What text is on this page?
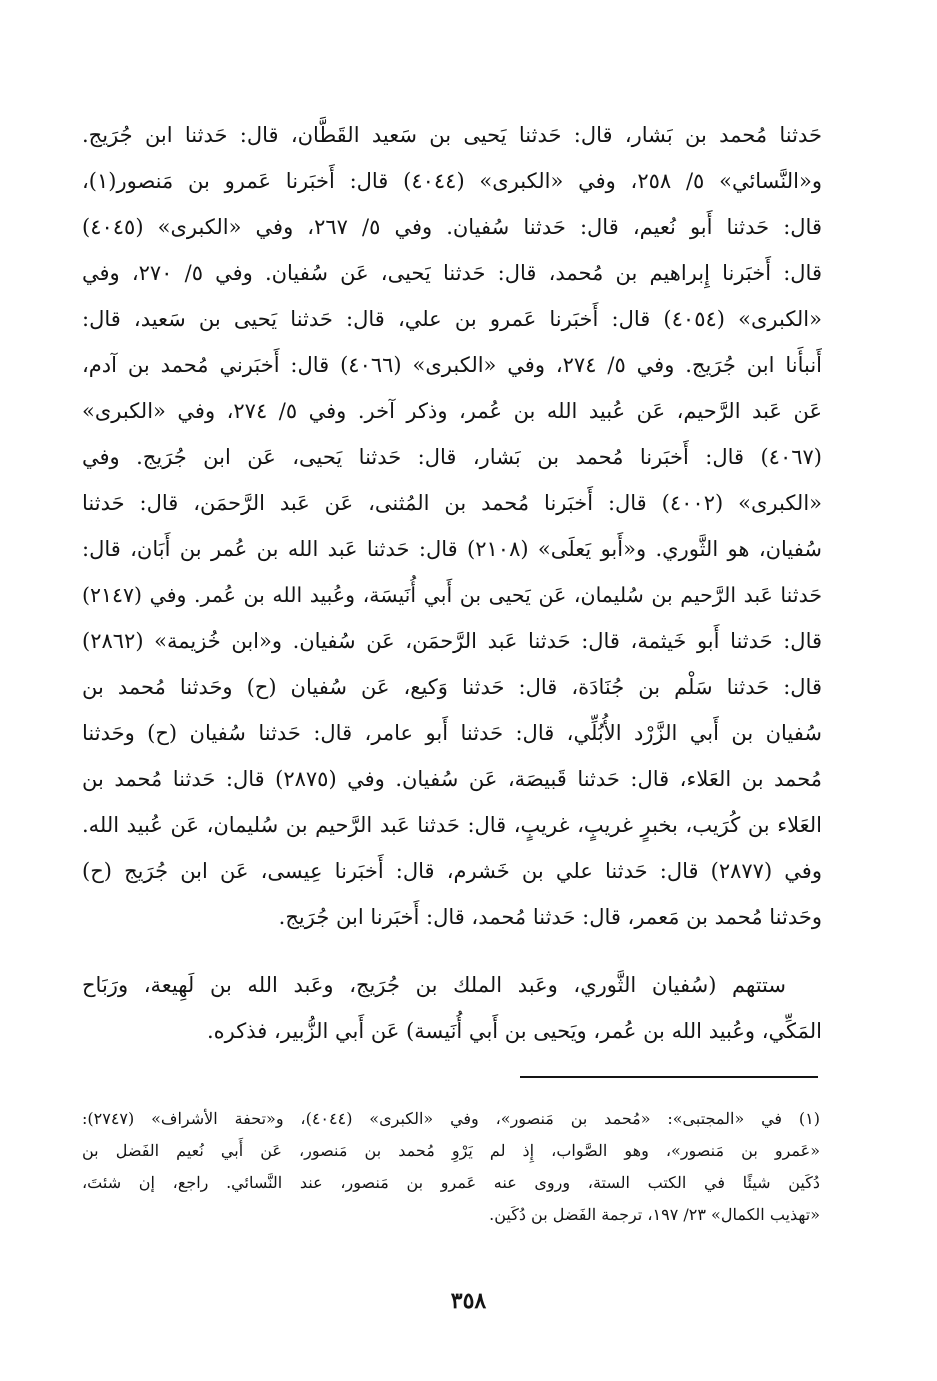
حَدثنا مُحمد بن بَشار، قال: حَدثنا يَحيى بن سَعيد القَطَّان، قال: حَدثنا ابن جُرَيج.
و«النَّسائي» ٥/ ٢٥٨، وفي «الكبرى» (٤٠٤٤) قال: أَخبَرنا عَمرو بن مَنصور(١)،
قال: حَدثنا أَبو نُعيم، قال: حَدثنا سُفيان. وفي ٥/ ٢٦٧، وفي «الكبرى» (٤٠٤٥)
قال: أَخبَرنا إِبراهيم بن مُحمد، قال: حَدثنا يَحيى، عَن سُفيان. وفي ٥/ ٢٧٠، وفي
«الكبرى» (٤٠٥٤) قال: أَخبَرنا عَمرو بن علي، قال: حَدثنا يَحيى بن سَعيد، قال:
أَنبأَنا ابن جُرَيج. وفي ٥/ ٢٧٤، وفي «الكبرى» (٤٠٦٦) قال: أَخبَرني مُحمد بن آدم،
عَن عَبد الرَّحيم، عَن عُبيد الله بن عُمر، وذكر آخر. وفي ٥/ ٢٧٤، وفي «الكبرى»
(٤٠٦٧) قال: أَخبَرنا مُحمد بن بَشار، قال: حَدثنا يَحيى، عَن ابن جُرَيج. وفي
«الكبرى» (٤٠٠٢) قال: أَخبَرنا مُحمد بن المُثنى، عَن عَبد الرَّحمَن، قال: حَدثنا
سُفيان، هو الثَّوري. و«أَبو يَعلَى» (٢١٠٨) قال: حَدثنا عَبد الله بن عُمر بن أَبَان، قال:
حَدثنا عَبد الرَّحيم بن سُليمان، عَن يَحيى بن أَبي أُنَيسَة، وعُبيد الله بن عُمر. وفي (٢١٤٧)
قال: حَدثنا أَبو خَيثمة، قال: حَدثنا عَبد الرَّحمَن، عَن سُفيان. و«ابن خُزيمة» (٢٨٦٢)
قال: حَدثنا سَلْم بن جُنَادَة، قال: حَدثنا وَكيع، عَن سُفيان (ح) وحَدثنا مُحمد بن
سُفيان بن أَبي الزَّرْد الأُبُلِّي، قال: حَدثنا أَبو عامر، قال: حَدثنا سُفيان (ح) وحَدثنا
مُحمد بن العَلاء، قال: حَدثنا قَبيصَة، عَن سُفيان. وفي (٢٨٧٥) قال: حَدثنا مُحمد بن
العَلاء بن كُرَيب، بخبرٍ غريبٍ، غريبٍ، قال: حَدثنا عَبد الرَّحيم بن سُليمان، عَن عُبيد الله.
وفي (٢٨٧٧) قال: حَدثنا علي بن خَشرم، قال: أَخبَرنا عِيسى، عَن ابن جُرَيج (ح)
وحَدثنا مُحمد بن مَعمر، قال: حَدثنا مُحمد، قال: أَخبَرنا ابن جُرَيج.
ستتهم (سُفيان الثَّوري، وعَبد الملك بن جُرَيج، وعَبد الله بن لَهِيعة، ورَبَاح
المَكِّي، وعُبيد الله بن عُمر، ويَحيى بن أَبي أُنَيسة) عَن أَبي الزُّبير، فذكره.
(١) في «المجتبى»: «مُحمد بن مَنصور»، وفي «الكبرى» (٤٠٤٤)، و«تحفة الأشراف» (٢٧٤٧):
«عَمرو بن مَنصور»، وهو الصَّواب، إِذ لم يَرْوِ مُحمد بن مَنصور، عَن أَبي نُعيم الفَضل بن
دُكَين شيئًا في الكتب الستة، وروى عنه عَمرو بن مَنصور، عند النَّسائي. راجع، إن شئتَ،
«تهذيب الكمال» ٢٣/ ١٩٧، ترجمة الفَضل بن دُكَين.
٣٥٨
